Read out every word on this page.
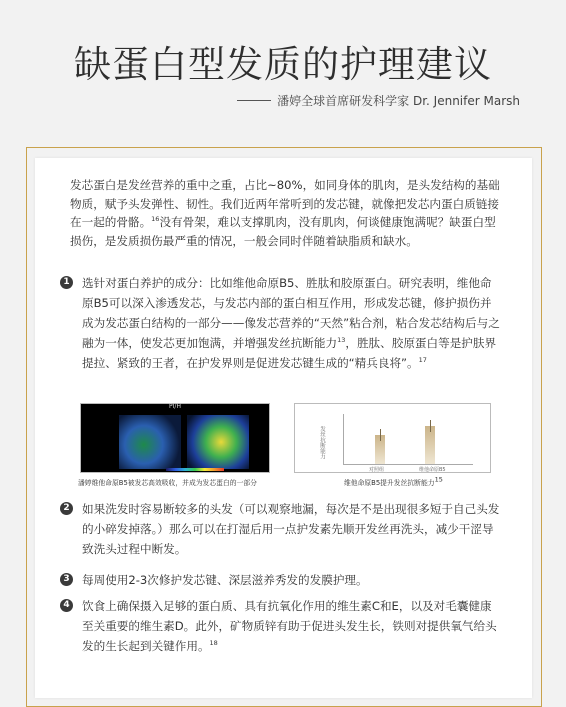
缺蛋白型发质的护理建议
潘婷全球首席研发科学家 Dr. Jennifer Marsh

发芯蛋白是发丝营养的重中之重，占比~80%，如同身体的肌肉，是头发结构的基础物质，赋予头发弹性、韧性。我们近两年常听到的发芯键，就像把发芯内蛋白质链接在一起的骨骼。$^{16}$没有骨架，难以支撑肌肉，没有肌肉，何谈健康饱满呢？缺蛋白型损伤，是发质损伤最严重的情况，一般会同时伴随着缺脂质和缺水。

1 选针对蛋白养护的成分：比如维他命原B5、胜肽和胶原蛋白。研究表明，维他命原B5可以深入渗透发芯，与发芯内部的蛋白相互作用，形成发芯键，修护损伤并成为发芯蛋白结构的一部分——像发芯营养的“天然”粘合剂，粘合发芯结构后与之融为一体，使发芯更加饱满，并增强发丝抗断能力$^{13}$，胜肽、胶原蛋白等是护肤界提拉、紧致的王者，在护发界则是促进发芯键生成的“精兵良将”。$^{17}$

PI/H
潘婷维他命原B5被发芯高效吸收，并成为发芯蛋白的一部分
发丝抗断能力
对照组	维他命原B5
维他命原B5提升发丝抗断能力$^{15}$
2 如果洗发时容易断较多的头发（可以观察地漏，每次是不是出现很多短于自己头发的小碎发掉落。）那么可以在打湿后用一点护发素先顺开发丝再洗头，减少干涩导致洗头过程中断发。

3 每周使用2-3次修护发芯键、深层滋养秀发的发膜护理。

4 饮食上确保摄入足够的蛋白质、具有抗氧化作用的维生素C和E，以及对毛囊健康至关重要的维生素D。此外，矿物质锌有助于促进头发生长，铁则对提供氧气给头发的生长起到关键作用。$^{18}$
